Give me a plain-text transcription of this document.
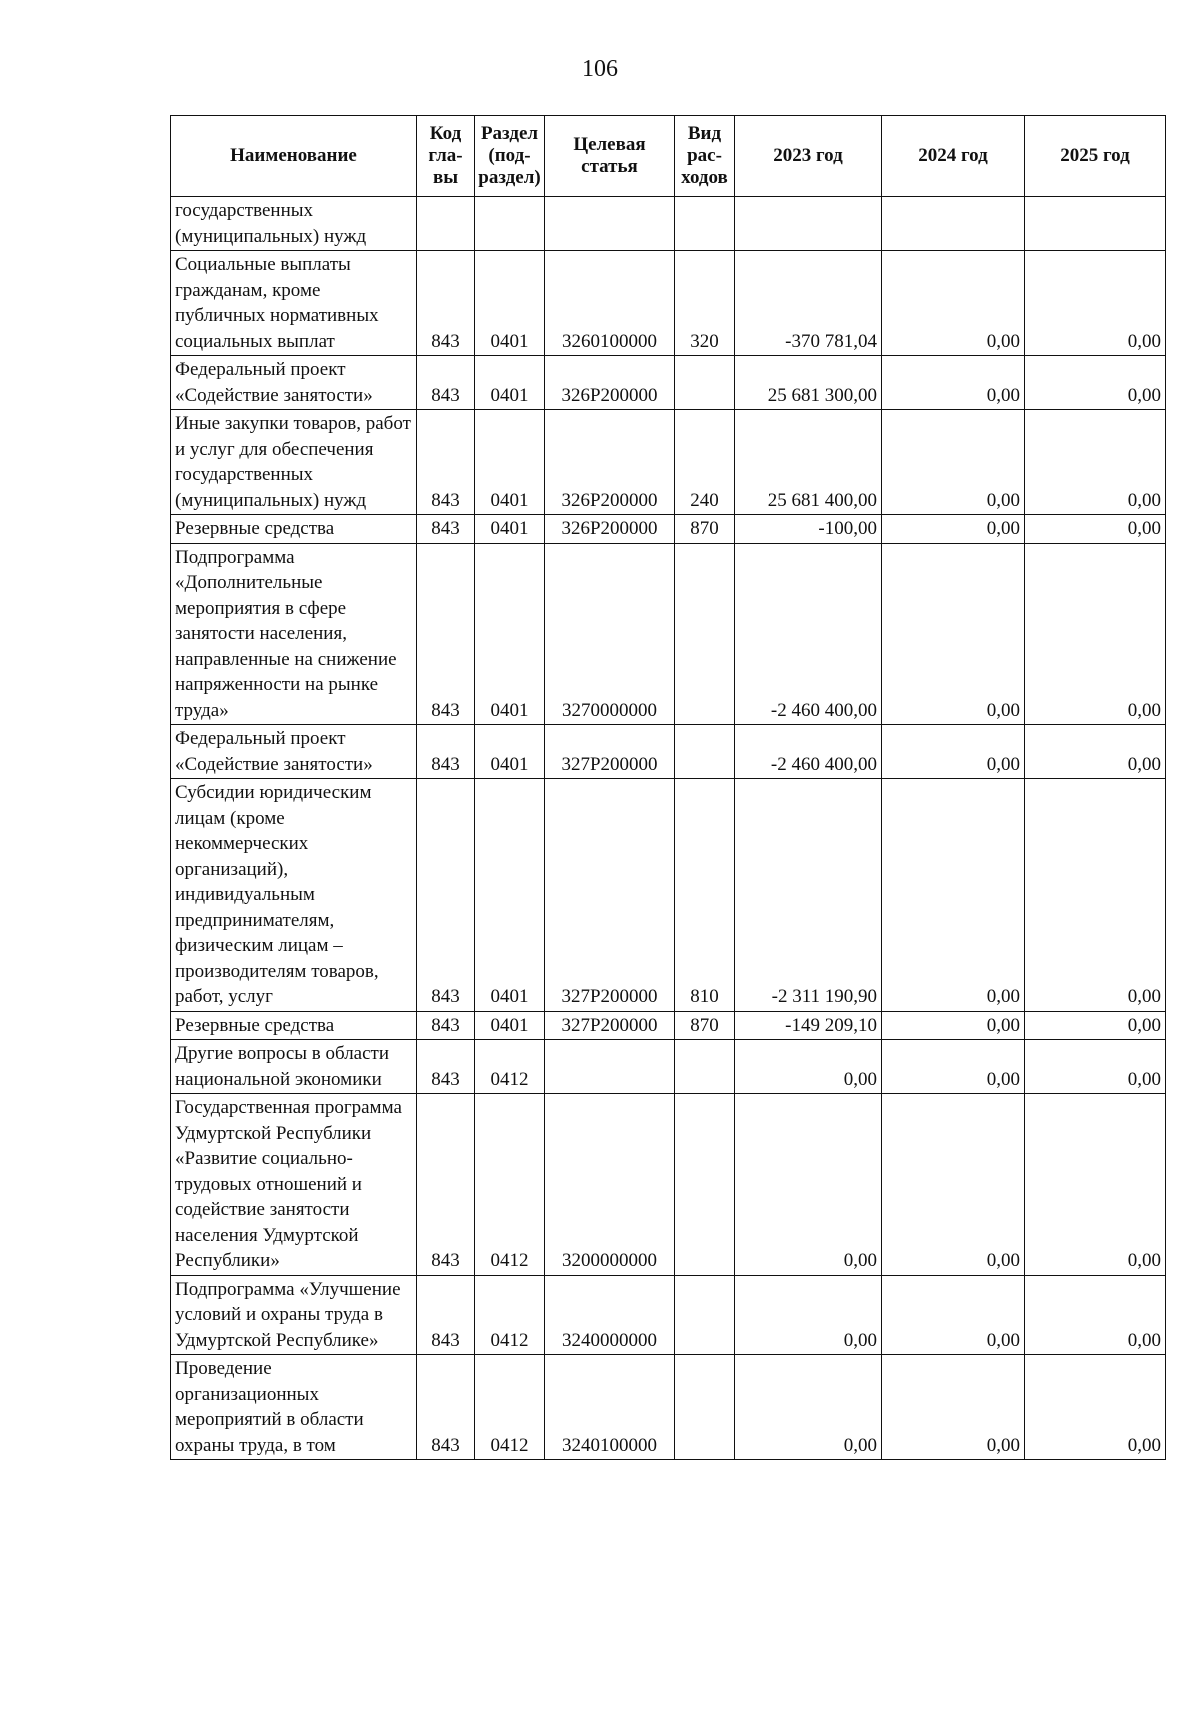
106
Наименование	Код гла-вы	Раздел (под-раздел)	Целевая статья	Вид рас-ходов	2023 год	2024 год	2025 год
государственных (муниципальных) нужд							
Социальные выплаты гражданам, кроме публичных нормативных социальных выплат	843	0401	3260100000	320	-370 781,04	0,00	0,00
Федеральный проект «Содействие занятости»	843	0401	326P200000		25 681 300,00	0,00	0,00
Иные закупки товаров, работ и услуг для обеспечения государственных (муниципальных) нужд	843	0401	326P200000	240	25 681 400,00	0,00	0,00
Резервные средства	843	0401	326P200000	870	-100,00	0,00	0,00
Подпрограмма «Дополнительные мероприятия в сфере занятости населения, направленные на снижение напряженности на рынке труда»	843	0401	3270000000		-2 460 400,00	0,00	0,00
Федеральный проект «Содействие занятости»	843	0401	327P200000		-2 460 400,00	0,00	0,00
Субсидии юридическим лицам (кроме некоммерческих организаций), индивидуальным предпринимателям, физическим лицам – производителям товаров, работ, услуг	843	0401	327P200000	810	-2 311 190,90	0,00	0,00
Резервные средства	843	0401	327P200000	870	-149 209,10	0,00	0,00
Другие вопросы в области национальной экономики	843	0412			0,00	0,00	0,00
Государственная программа Удмуртской Республики «Развитие социально-трудовых отношений и содействие занятости населения Удмуртской Республики»	843	0412	3200000000		0,00	0,00	0,00
Подпрограмма «Улучшение условий и охраны труда в Удмуртской Республике»	843	0412	3240000000		0,00	0,00	0,00
Проведение организационных мероприятий в области охраны труда, в том	843	0412	3240100000		0,00	0,00	0,00
